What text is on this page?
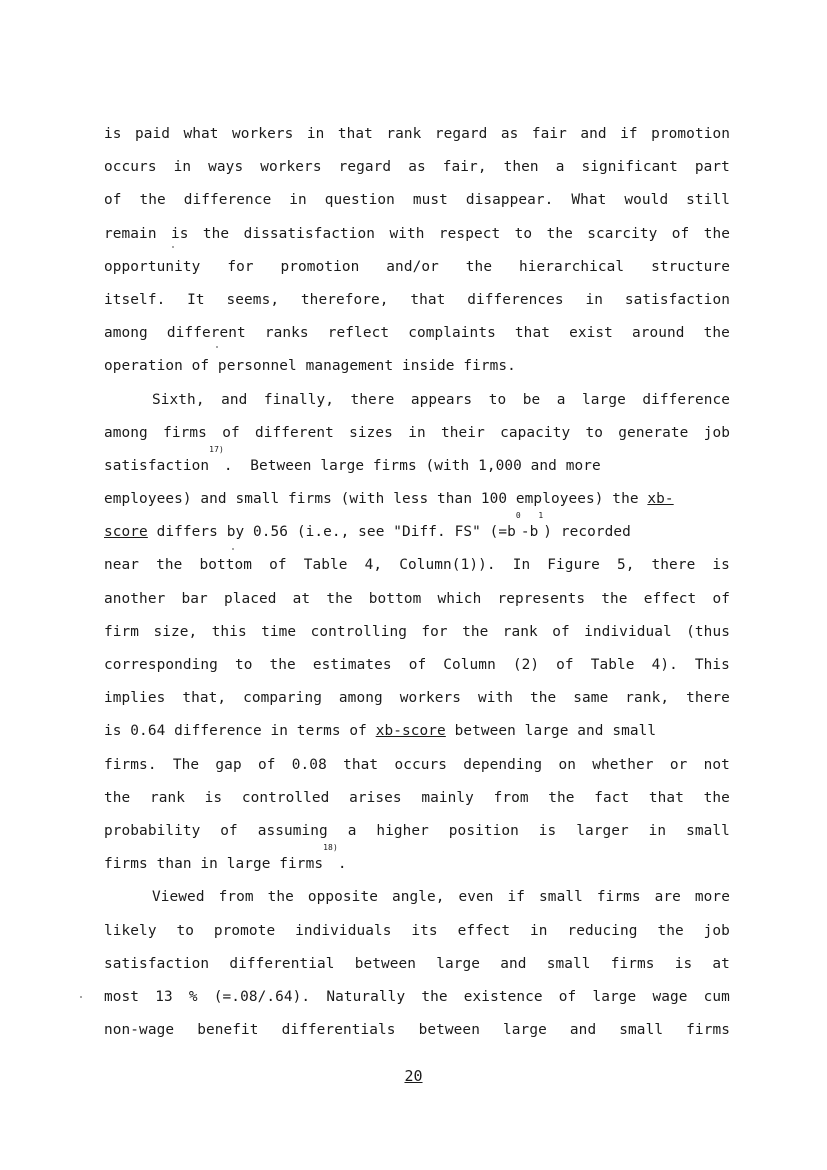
is paid what workers in that rank regard as fair and if promotion
occurs in ways workers regard as fair, then a significant part
of the difference in question must disappear. What would still
remain is the dissatisfaction with respect to the scarcity of the
opportunity for promotion and/or the hierarchical structure
itself. It seems, therefore, that differences in satisfaction
among different ranks reflect complaints that exist around the
operation of personnel management inside firms.
Sixth, and finally, there appears to be a large difference
among firms of different sizes in their capacity to generate job
satisfaction
17)
.  Between large firms (with 1,000 and more
employees) and small firms (with less than 100 employees) the xb-
score differs by 0.56 (i.e., see "Diff. FS" (=b
0
-b
1
) recorded
near the bottom of Table 4, Column(1)). In Figure 5, there is
another bar placed at the bottom which represents the effect of
firm size, this time controlling for the rank of individual (thus
corresponding to the estimates of Column (2) of Table 4). This
implies that, comparing among workers with the same rank, there
is 0.64 difference in terms of xb-score between large and small
firms. The gap of 0.08 that occurs depending on whether or not
the rank is controlled arises mainly from the fact that the
probability of assuming a higher position is larger in small
firms than in large firms
18)
.
Viewed from the opposite angle, even if small firms are more
likely to promote individuals its effect in reducing the job
satisfaction differential between large and small firms is at
most 13 % (=.08/.64). Naturally the existence of large wage cum
non-wage benefit differentials between large and small firms
20
